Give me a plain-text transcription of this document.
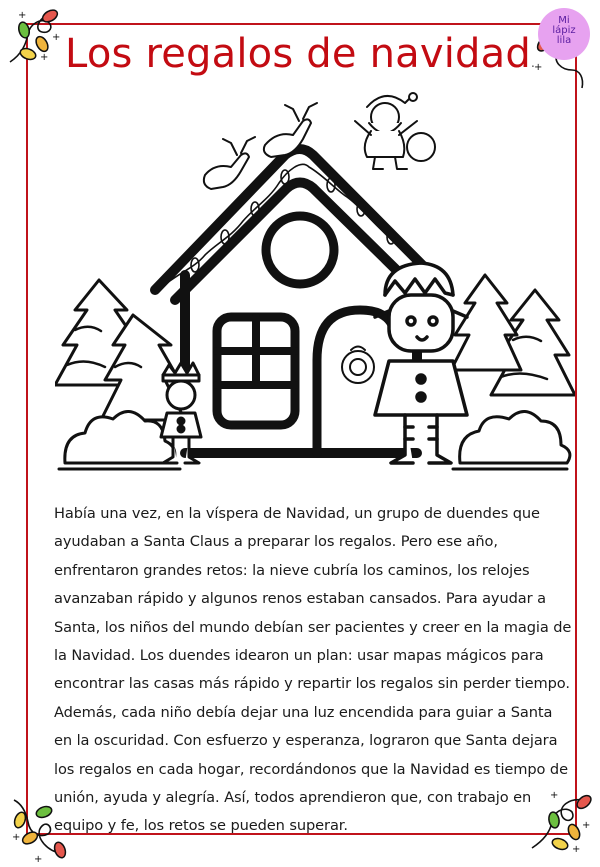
+
+
+
+
+
+
+
+
+
Mi
lápiz
lila
Los regalos de navidad.

Había una vez, en la víspera de Navidad, un grupo de duendes que

ayudaban a Santa Claus a preparar los regalos. Pero ese año,

enfrentaron grandes retos: la nieve cubría los caminos, los relojes

avanzaban rápido y algunos renos estaban cansados. Para ayudar a

Santa, los niños del mundo debían ser pacientes y creer en la magia de

la Navidad. Los duendes idearon un plan: usar mapas mágicos para

encontrar las casas más rápido y repartir los regalos sin perder tiempo.

Además, cada niño debía dejar una luz encendida para guiar a Santa

en la oscuridad. Con esfuerzo y esperanza, lograron que Santa dejara

los regalos en cada hogar, recordándonos que la Navidad es tiempo de

unión, ayuda y alegría. Así, todos aprendieron que, con trabajo en

equipo y fe, los retos se pueden superar.
